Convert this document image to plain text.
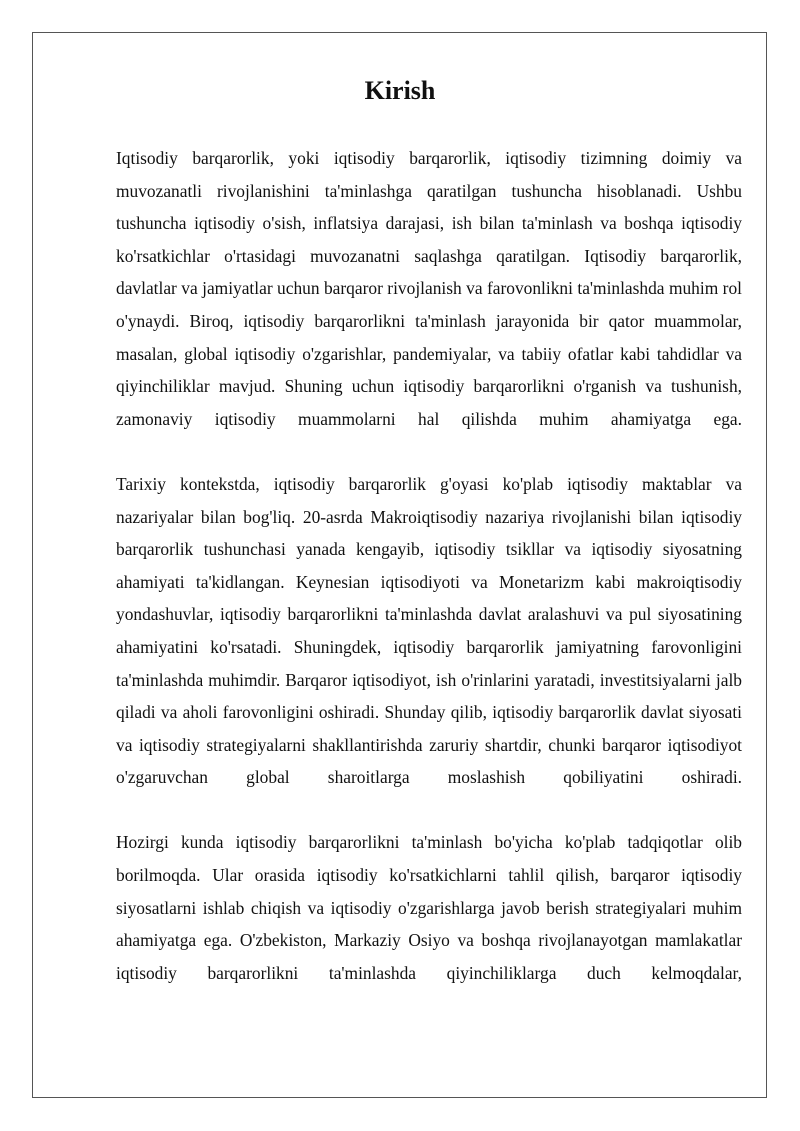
Kirish

Iqtisodiy barqarorlik, yoki iqtisodiy barqarorlik, iqtisodiy tizimning doimiy va muvozanatli rivojlanishini ta'minlashga qaratilgan tushuncha hisoblanadi. Ushbu tushuncha iqtisodiy o'sish, inflatsiya darajasi, ish bilan ta'minlash va boshqa iqtisodiy ko'rsatkichlar o'rtasidagi muvozanatni saqlashga qaratilgan. Iqtisodiy barqarorlik, davlatlar va jamiyatlar uchun barqaror rivojlanish va farovonlikni ta'minlashda muhim rol o'ynaydi. Biroq, iqtisodiy barqarorlikni ta'minlash jarayonida bir qator muammolar, masalan, global iqtisodiy o'zgarishlar, pandemiyalar, va tabiiy ofatlar kabi tahdidlar va qiyinchiliklar mavjud. Shuning uchun iqtisodiy barqarorlikni o'rganish va tushunish, zamonaviy iqtisodiy muammolarni hal qilishda muhim ahamiyatga ega.

Tarixiy kontekstda, iqtisodiy barqarorlik g'oyasi ko'plab iqtisodiy maktablar va nazariyalar bilan bog'liq. 20-asrda Makroiqtisodiy nazariya rivojlanishi bilan iqtisodiy barqarorlik tushunchasi yanada kengayib, iqtisodiy tsikllar va iqtisodiy siyosatning ahamiyati ta'kidlangan. Keynesian iqtisodiyoti va Monetarizm kabi makroiqtisodiy yondashuvlar, iqtisodiy barqarorlikni ta'minlashda davlat aralashuvi va pul siyosatining ahamiyatini ko'rsatadi. Shuningdek, iqtisodiy barqarorlik jamiyatning farovonligini ta'minlashda muhimdir. Barqaror iqtisodiyot, ish o'rinlarini yaratadi, investitsiyalarni jalb qiladi va aholi farovonligini oshiradi. Shunday qilib, iqtisodiy barqarorlik davlat siyosati va iqtisodiy strategiyalarni shakllantirishda zaruriy shartdir, chunki barqaror iqtisodiyot o'zgaruvchan global sharoitlarga moslashish qobiliyatini oshiradi.

Hozirgi kunda iqtisodiy barqarorlikni ta'minlash bo'yicha ko'plab tadqiqotlar olib borilmoqda. Ular orasida iqtisodiy ko'rsatkichlarni tahlil qilish, barqaror iqtisodiy siyosatlarni ishlab chiqish va iqtisodiy o'zgarishlarga javob berish strategiyalari muhim ahamiyatga ega. O'zbekiston, Markaziy Osiyo va boshqa rivojlanayotgan mamlakatlar iqtisodiy barqarorlikni ta'minlashda qiyinchiliklarga duch kelmoqdalar,
